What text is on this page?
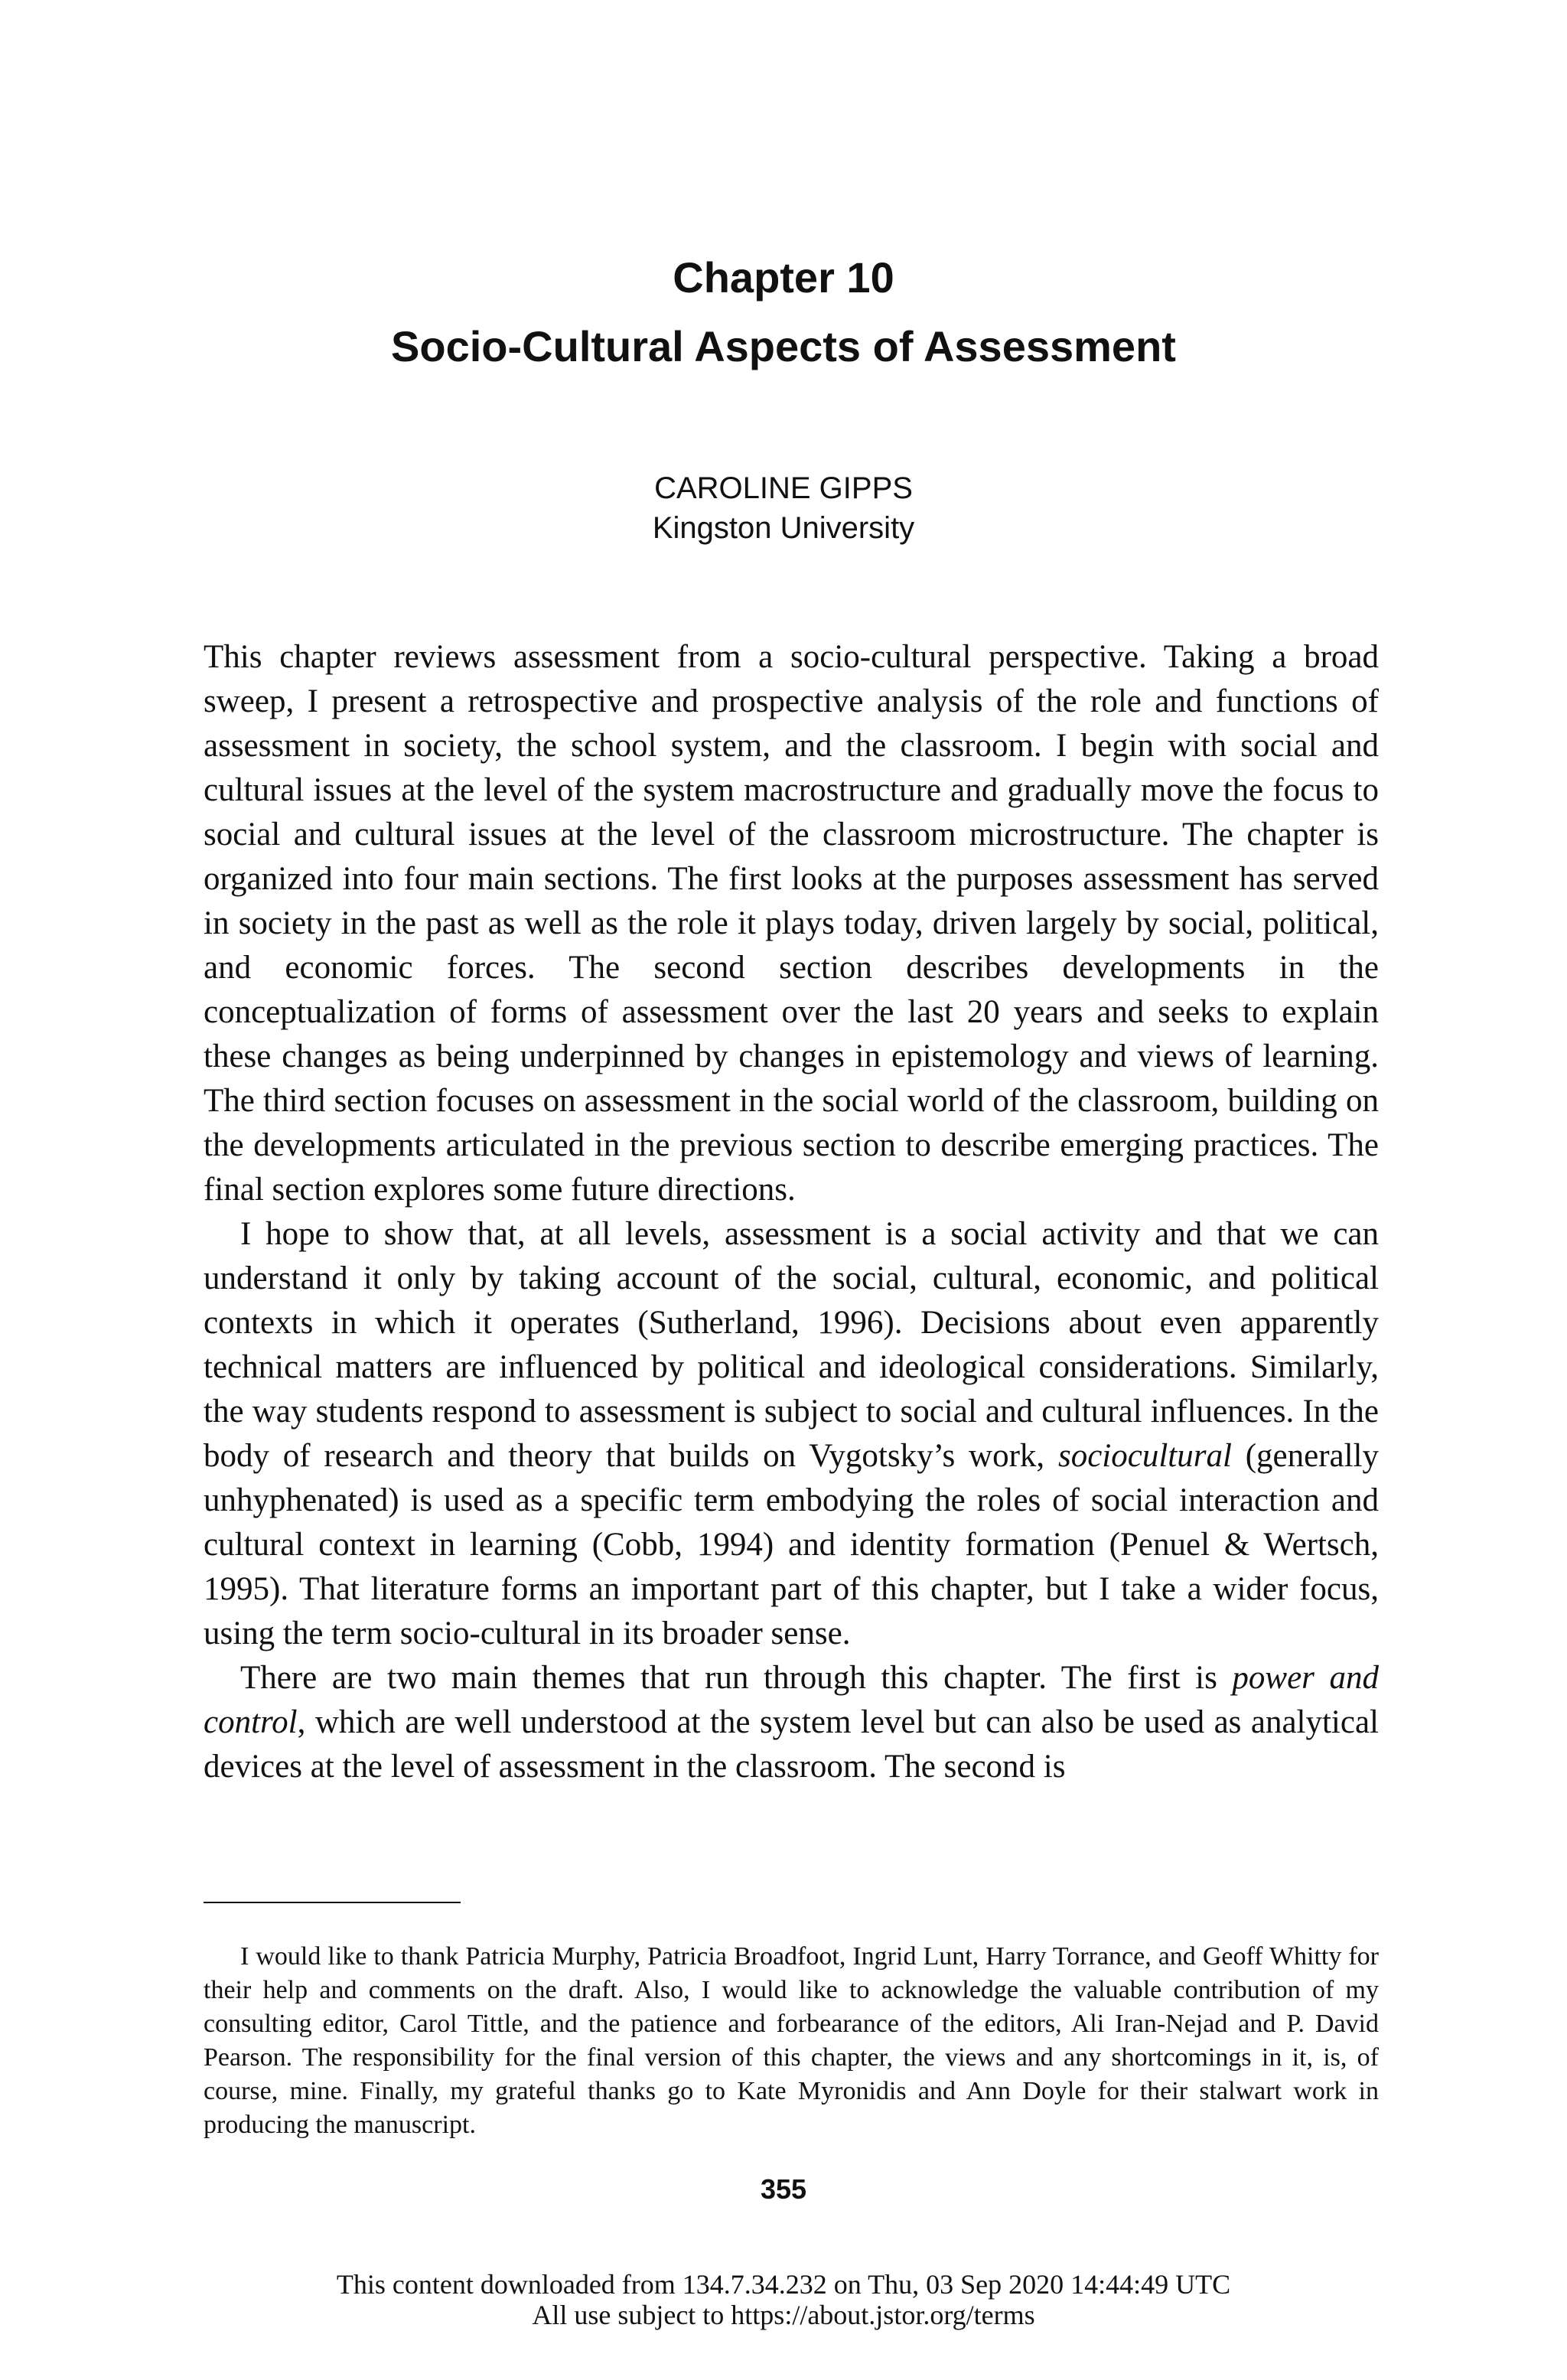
Chapter 10
Socio-Cultural Aspects of Assessment
CAROLINE GIPPS
Kingston University

This chapter reviews assessment from a socio-cultural perspective. Taking a broad sweep, I present a retrospective and prospective analysis of the role and functions of assessment in society, the school system, and the classroom. I begin with social and cultural issues at the level of the system macrostructure and gradually move the focus to social and cultural issues at the level of the classroom microstructure. The chapter is organized into four main sections. The first looks at the purposes assessment has served in society in the past as well as the role it plays today, driven largely by social, political, and economic forces. The second section describes developments in the conceptualization of forms of assessment over the last 20 years and seeks to explain these changes as being underpinned by changes in epistemology and views of learning. The third section focuses on assessment in the social world of the classroom, building on the developments articulated in the previous section to describe emerging practices. The final section explores some future directions.

I hope to show that, at all levels, assessment is a social activity and that we can understand it only by taking account of the social, cultural, economic, and political contexts in which it operates (Sutherland, 1996). Decisions about even apparently technical matters are influenced by political and ideological considerations. Similarly, the way students respond to assessment is subject to social and cultural influences. In the body of research and theory that builds on Vygotsky’s work, sociocultural (generally unhyphenated) is used as a specific term embodying the roles of social interaction and cultural context in learning (Cobb, 1994) and identity formation (Penuel & Wertsch, 1995). That literature forms an important part of this chapter, but I take a wider focus, using the term socio-cultural in its broader sense.

There are two main themes that run through this chapter. The first is power and control, which are well understood at the system level but can also be used as analytical devices at the level of assessment in the classroom. The second is

I would like to thank Patricia Murphy, Patricia Broadfoot, Ingrid Lunt, Harry Torrance, and Geoff Whitty for their help and comments on the draft. Also, I would like to acknowledge the valuable contribution of my consulting editor, Carol Tittle, and the patience and forbearance of the editors, Ali Iran-Nejad and P. David Pearson. The responsibility for the final version of this chapter, the views and any shortcomings in it, is, of course, mine. Finally, my grateful thanks go to Kate Myronidis and Ann Doyle for their stalwart work in producing the manuscript.

355
This content downloaded from 134.7.34.232 on Thu, 03 Sep 2020 14:44:49 UTC
All use subject to https://about.jstor.org/terms
